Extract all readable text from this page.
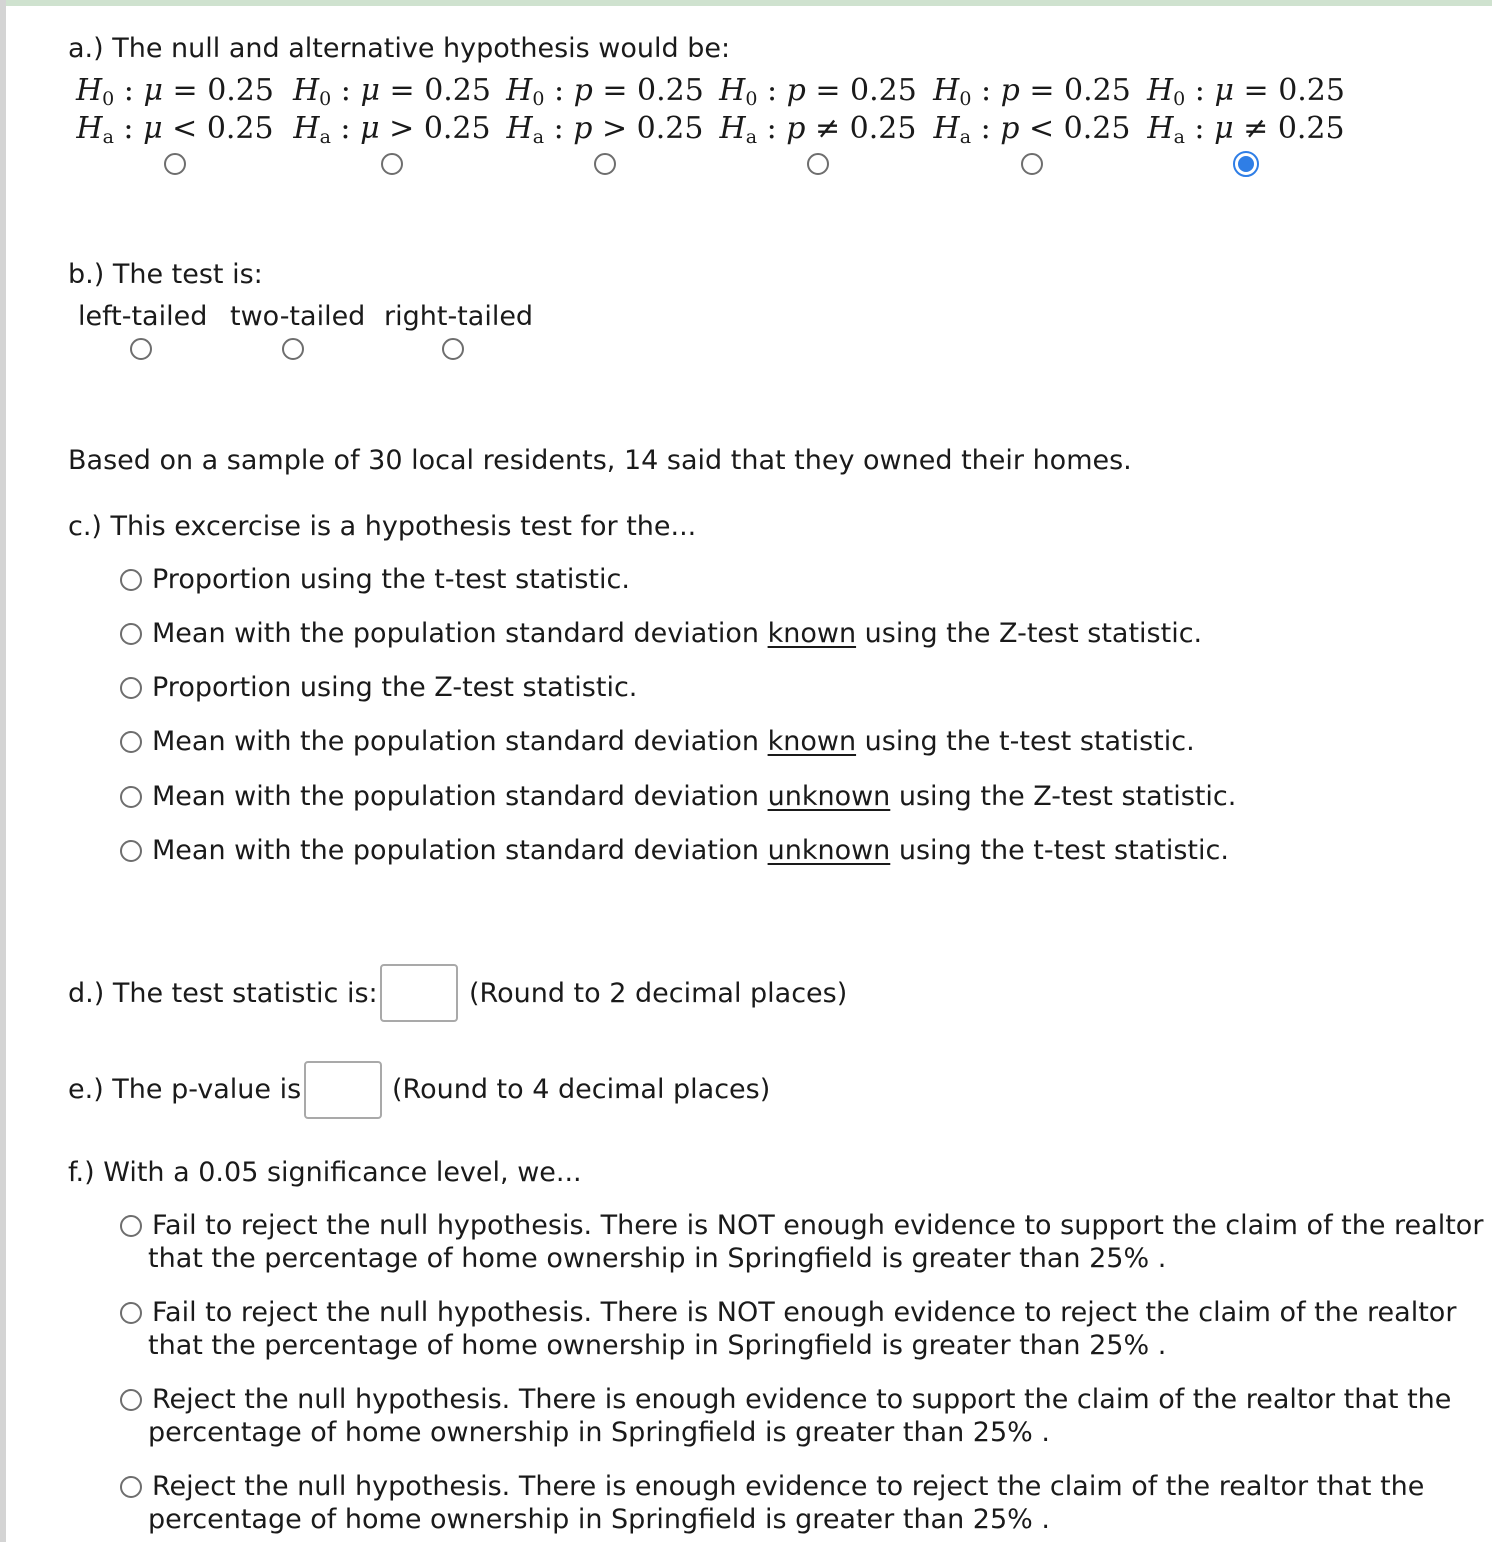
a.) The null and alternative hypothesis would be:
$H_0$ : μ = 0.25
$H_a$ : μ < 0.25
$H_0$ : μ = 0.25
$H_a$ : μ > 0.25
$H_0$ : p = 0.25
$H_a$ : p > 0.25
$H_0$ : p = 0.25
$H_a$ : p ≠ 0.25
$H_0$ : p = 0.25
$H_a$ : p < 0.25
$H_0$ : μ = 0.25
$H_a$ : μ ≠ 0.25
b.) The test is:
left-tailed two-tailed right-tailed
Based on a sample of 30 local residents, 14 said that they owned their homes.
c.) This excercise is a hypothesis test for the...
Proportion using the t-test statistic.
Mean with the population standard deviation known using the Z-test statistic.
Proportion using the Z-test statistic.
Mean with the population standard deviation known using the t-test statistic.
Mean with the population standard deviation unknown using the Z-test statistic.
Mean with the population standard deviation unknown using the t-test statistic.
d.) The test statistic is:	(Round to 2 decimal places)
e.) The p-value is	(Round to 4 decimal places)
f.) With a 0.05 significance level, we...
Fail to reject the null hypothesis. There is NOT enough evidence to support the claim of the realtor
that the percentage of home ownership in Springfield is greater than 25% .
Fail to reject the null hypothesis. There is NOT enough evidence to reject the claim of the realtor
that the percentage of home ownership in Springfield is greater than 25% .
Reject the null hypothesis. There is enough evidence to support the claim of the realtor that the
percentage of home ownership in Springfield is greater than 25% .
Reject the null hypothesis. There is enough evidence to reject the claim of the realtor that the
percentage of home ownership in Springfield is greater than 25% .
